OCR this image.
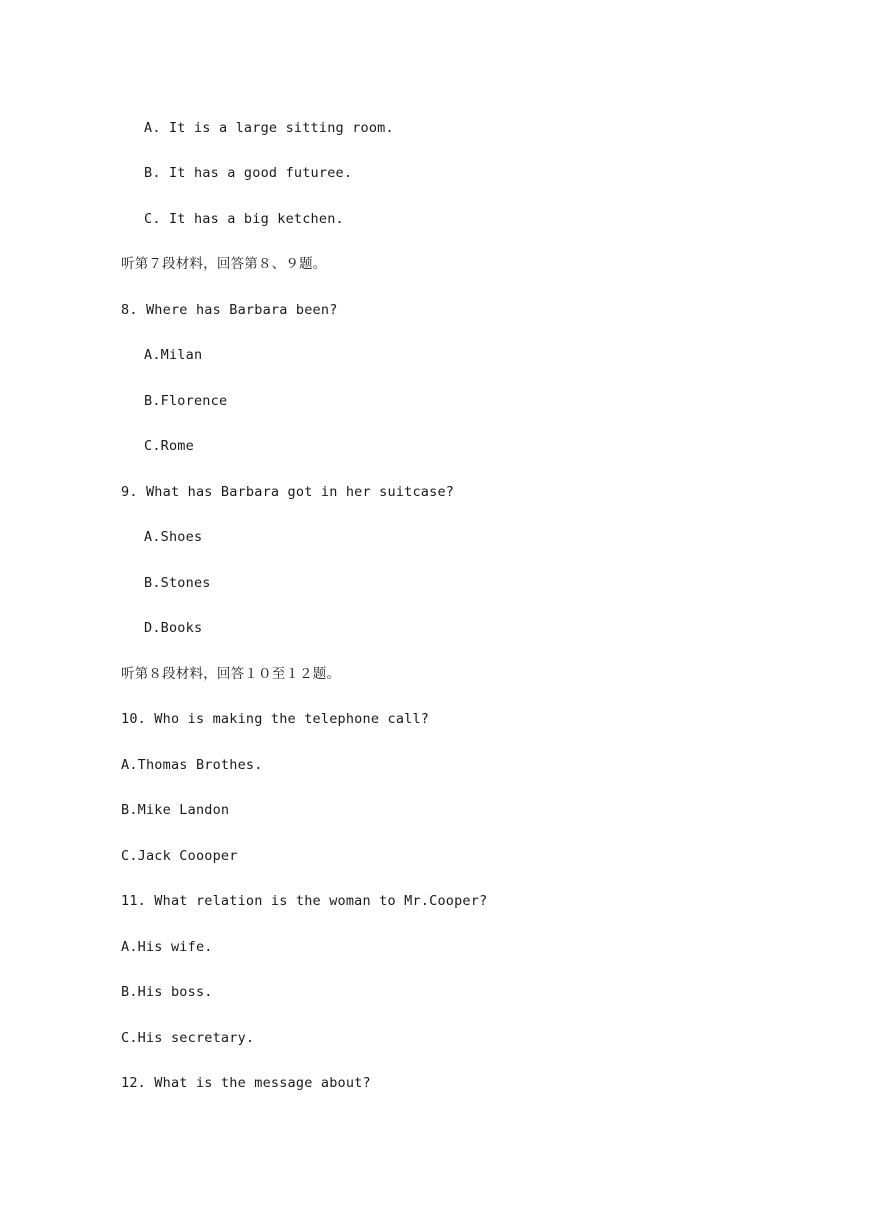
A. It is a large sitting room.
B. It has a good futuree.
C. It has a big ketchen.
听第７段材料，回答第８、９题。
8. Where has Barbara been?
A.Milan
B.Florence
C.Rome
9. What has Barbara got in her suitcase?
A.Shoes
B.Stones
D.Books
听第８段材料，回答１０至１２题。
10. Who is making the telephone call?
A.Thomas Brothes.
B.Mike Landon
C.Jack Coooper
11. What relation is the woman to Mr.Cooper?
A.His wife.
B.His boss.
C.His secretary.
12. What is the message about?
